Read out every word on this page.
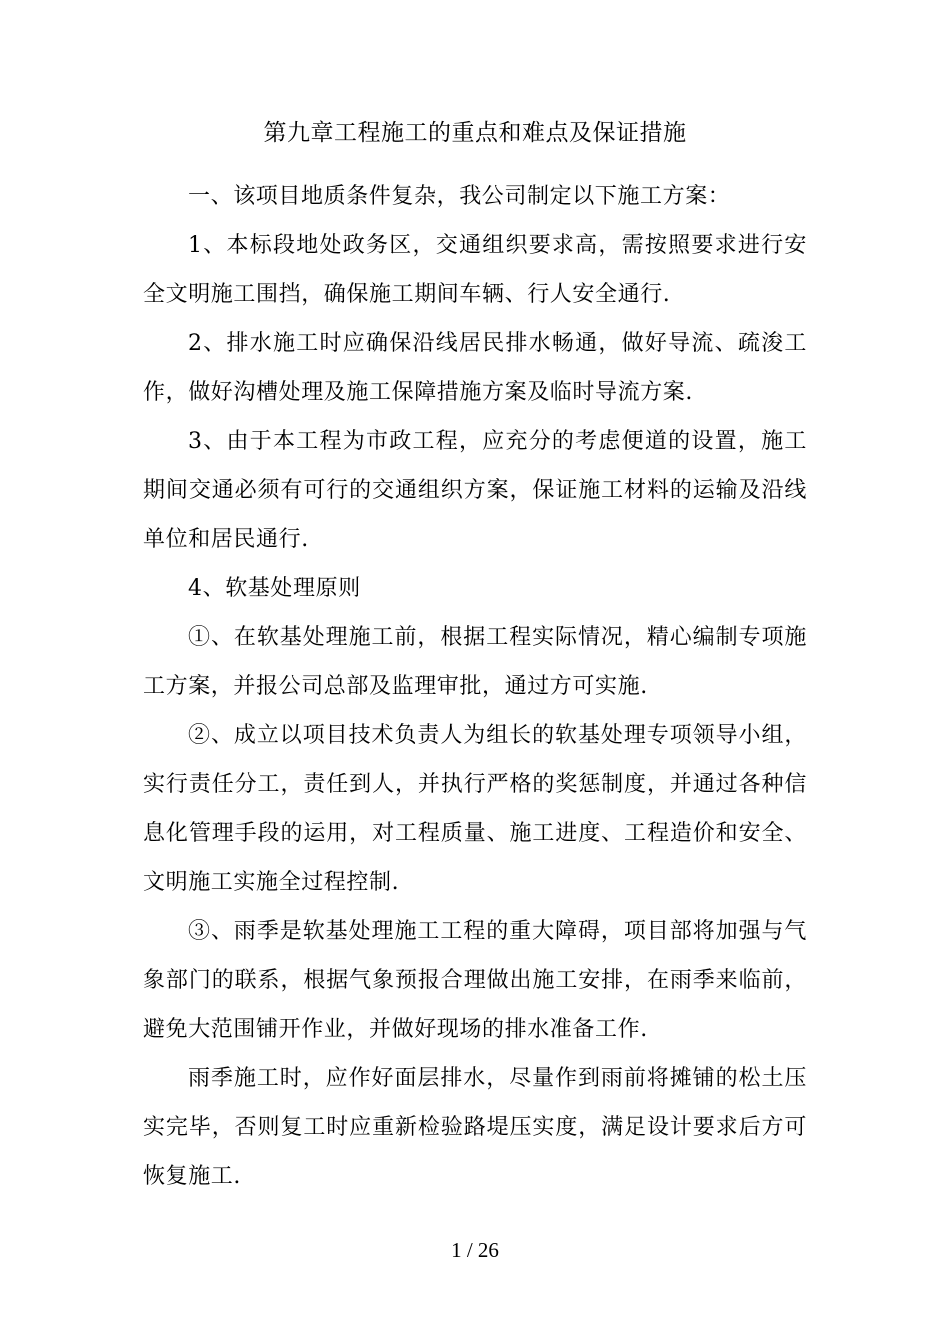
第九章工程施工的重点和难点及保证措施

一、该项目地质条件复杂，我公司制定以下施工方案：

1、本标段地处政务区，交通组织要求高，需按照要求进行安全文明施工围挡，确保施工期间车辆、行人安全通行.

2、排水施工时应确保沿线居民排水畅通，做好导流、疏浚工作，做好沟槽处理及施工保障措施方案及临时导流方案.

3、由于本工程为市政工程，应充分的考虑便道的设置，施工期间交通必须有可行的交通组织方案，保证施工材料的运输及沿线单位和居民通行.

4、软基处理原则

①、在软基处理施工前，根据工程实际情况，精心编制专项施工方案，并报公司总部及监理审批，通过方可实施.

②、成立以项目技术负责人为组长的软基处理专项领导小组，实行责任分工，责任到人，并执行严格的奖惩制度，并通过各种信息化管理手段的运用，对工程质量、施工进度、工程造价和安全、文明施工实施全过程控制.

③、雨季是软基处理施工工程的重大障碍，项目部将加强与气象部门的联系，根据气象预报合理做出施工安排，在雨季来临前，避免大范围铺开作业，并做好现场的排水准备工作.

雨季施工时，应作好面层排水，尽量作到雨前将摊铺的松土压实完毕，否则复工时应重新检验路堤压实度，满足设计要求后方可恢复施工.

1 / 26
